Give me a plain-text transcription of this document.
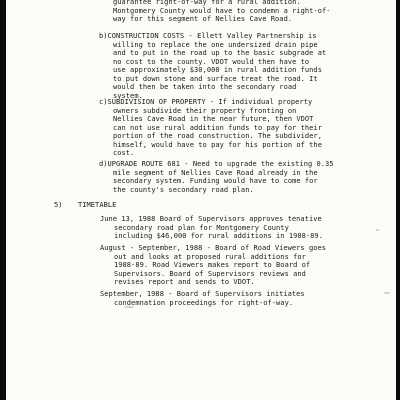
guarantee right-of-way for a rural addition.
Montgomery County would have to condemn a right-of-
way for this segment of Nellies Cave Road.
b)CONSTRUCTION COSTS - Ellett Valley Partnership is
willing to replace the one undersized drain pipe
and to put in the road up to the basic subgrade at
no cost to the county. VDOT would then have to
use approximately $30,000 in rural addition funds
to put down stone and surface treat the road. It
would then be taken into the secondary road
system.
c)SUBDIVISION OF PROPERTY - If individual property
owners subdivide their property fronting on
Nellies Cave Road in the near future, then VDOT
can not use rural addition funds to pay for their
portion of the road construction. The subdivider,
himself, would have to pay for his portion of the
cost.
d)UPGRADE ROUTE 681 - Need to upgrade the existing 0.35
mile segment of Nellies Cave Road already in the
secondary system. Funding would have to come for
the county's secondary road plan.
5) TIMETABLE
June 13, 1988 Board of Supervisors approves tenative
secondary road plan for Montgomery County
including $46,000 for rural additions in 1988-89.
August - September, 1988 - Board of Road Viewers goes
out and looks at proposed rural additions for
1988-89. Road Viewers makes report to Board of
Supervisors. Board of Supervisors reviews and
revises report and sends to VDOT.
September, 1988 - Board of Supervisors initiates
condemnation proceedings for right-of-way.
